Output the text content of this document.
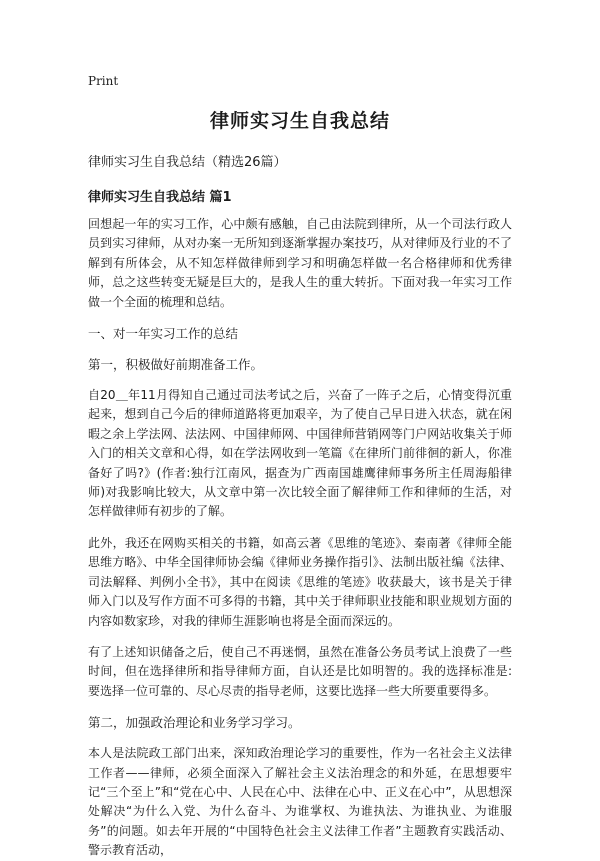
Print
律师实习生自我总结

律师实习生自我总结（精选26篇）

律师实习生自我总结 篇1

回想起一年的实习工作，心中颇有感触，自己由法院到律所，从一个司法行政人员到实习律师，从对办案一无所知到逐渐掌握办案技巧，从对律师及行业的不了解到有所体会，从不知怎样做律师到学习和明确怎样做一名合格律师和优秀律师，总之这些转变无疑是巨大的，是我人生的重大转折。下面对我一年实习工作做一个全面的梳理和总结。

一、对一年实习工作的总结

第一，积极做好前期准备工作。

自20＿年11月得知自己通过司法考试之后，兴奋了一阵子之后，心情变得沉重起来，想到自己今后的律师道路将更加艰辛，为了使自己早日进入状态，就在闲暇之余上学法网、法法网、中国律师网、中国律师营销网等门户网站收集关于师入门的相关文章和心得，如在学法网收到一笔篇《在律所门前徘徊的新人，你准备好了吗?》(作者:独行江南风，据查为广西南国雄鹰律师事务所主任周海船律师)对我影响比较大，从文章中第一次比较全面了解律师工作和律师的生活，对怎样做律师有初步的了解。

此外，我还在网购买相关的书籍，如高云著《思维的笔迹》、秦南著《律师全能思维方略》、中华全国律师协会编《律师业务操作指引》、法制出版社编《法律、司法解释、判例小全书》，其中在阅读《思维的笔迹》收获最大，该书是关于律师入门以及写作方面不可多得的书籍，其中关于律师职业技能和职业规划方面的内容如数家珍，对我的律师生涯影响也将是全面而深远的。

有了上述知识储备之后，使自己不再迷惘，虽然在准备公务员考试上浪费了一些时间，但在选择律所和指导律师方面，自认还是比如明智的。我的选择标准是:要选择一位可靠的、尽心尽责的指导老师，这要比选择一些大所要重要得多。

第二，加强政治理论和业务学习学习。

本人是法院政工部门出来，深知政治理论学习的重要性，作为一名社会主义法律工作者——律师，必须全面深入了解社会主义法治理念的和外延，在思想要牢记“三个至上”和“党在心中、人民在心中、法律在心中、正义在心中”，从思想深处解决“为什么入党、为什么奋斗、为谁掌权、为谁执法、为谁执业、为谁服务”的问题。如去年开展的“中国特色社会主义法律工作者”主题教育实践活动、警示教育活动，
